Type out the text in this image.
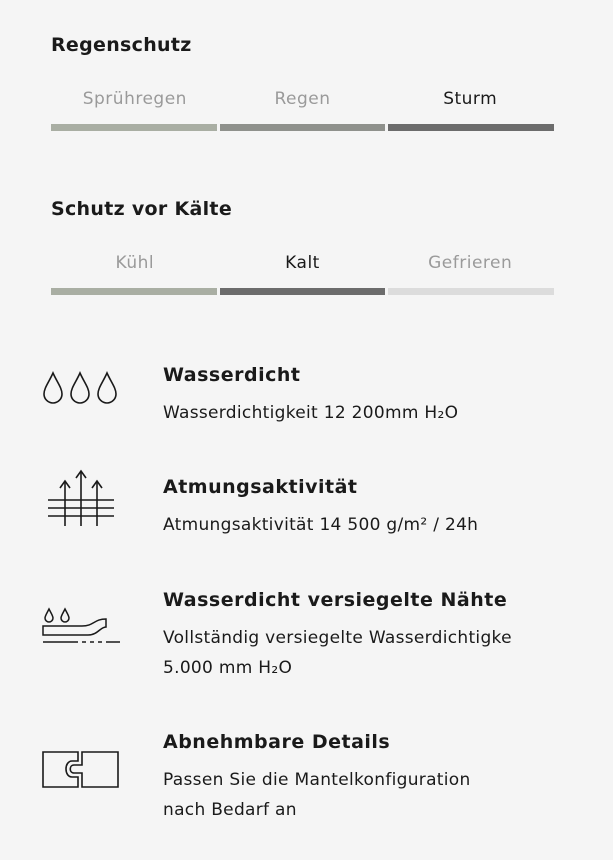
Regenschutz
Sprühregen	Regen	Sturm
Schutz vor Kälte
Kühl	Kalt	Gefrieren
Wasserdicht
Wasserdichtigkeit 12 200mm H₂O
Atmungsaktivität
Atmungsaktivität 14 500 g/m² / 24h
Wasserdicht versiegelte Nähte
Vollständig versiegelte Wasserdichtigke
5.000 mm H₂O
Abnehmbare Details
Passen Sie die Mantelkonfiguration
nach Bedarf an
